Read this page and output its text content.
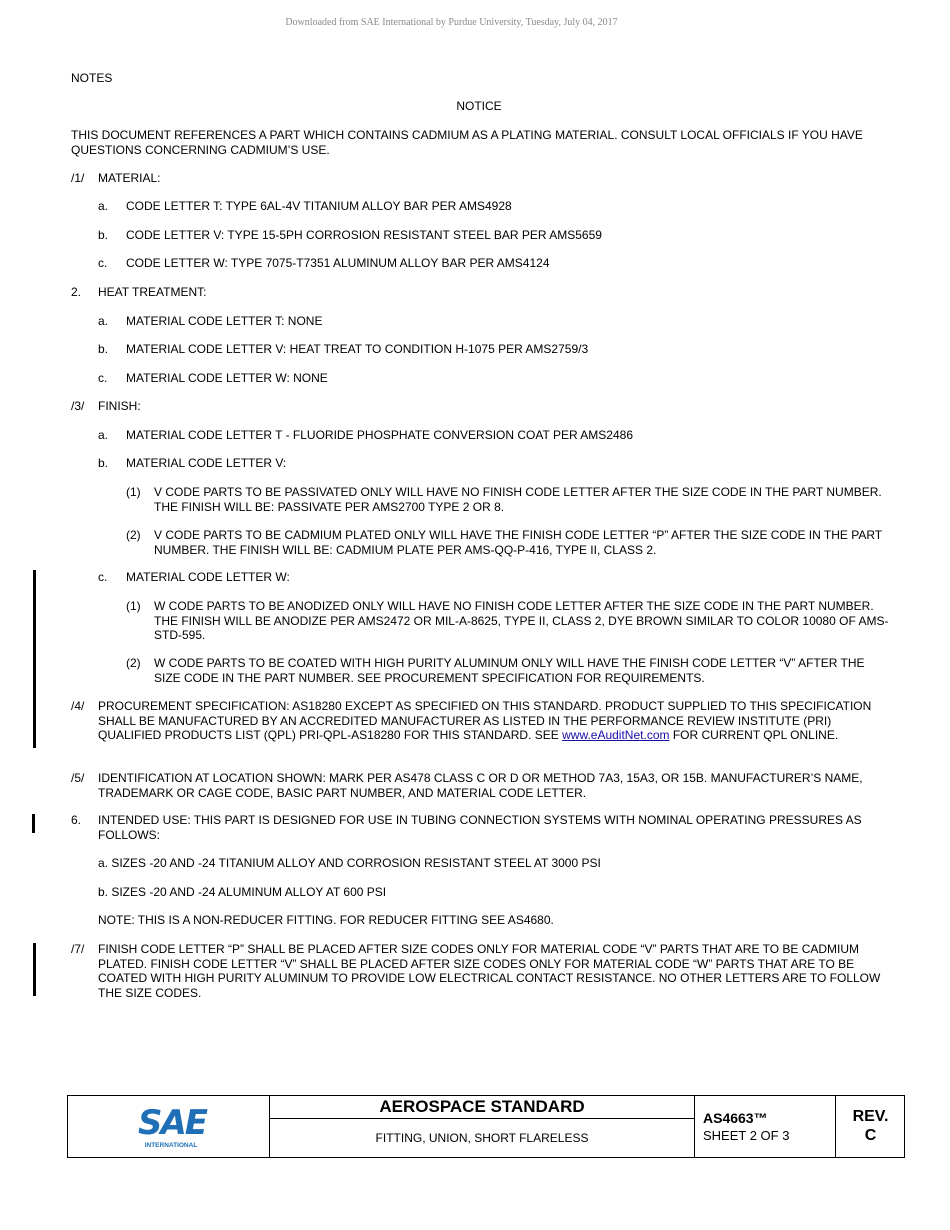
Downloaded from SAE International by Purdue University, Tuesday, July 04, 2017
NOTES
NOTICE
THIS DOCUMENT REFERENCES A PART WHICH CONTAINS CADMIUM AS A PLATING MATERIAL. CONSULT LOCAL OFFICIALS IF YOU HAVE QUESTIONS CONCERNING CADMIUM’S USE.
/1/ MATERIAL:
a. CODE LETTER T: TYPE 6AL-4V TITANIUM ALLOY BAR PER AMS4928
b. CODE LETTER V: TYPE 15-5PH CORROSION RESISTANT STEEL BAR PER AMS5659
c. CODE LETTER W: TYPE 7075-T7351 ALUMINUM ALLOY BAR PER AMS4124
2. HEAT TREATMENT:
a. MATERIAL CODE LETTER T: NONE
b. MATERIAL CODE LETTER V: HEAT TREAT TO CONDITION H-1075 PER AMS2759/3
c. MATERIAL CODE LETTER W: NONE
/3/ FINISH:
a. MATERIAL CODE LETTER T - FLUORIDE PHOSPHATE CONVERSION COAT PER AMS2486
b. MATERIAL CODE LETTER V:
(1) V CODE PARTS TO BE PASSIVATED ONLY WILL HAVE NO FINISH CODE LETTER AFTER THE SIZE CODE IN THE PART NUMBER. THE FINISH WILL BE: PASSIVATE PER AMS2700 TYPE 2 OR 8.
(2) V CODE PARTS TO BE CADMIUM PLATED ONLY WILL HAVE THE FINISH CODE LETTER “P” AFTER THE SIZE CODE IN THE PART NUMBER. THE FINISH WILL BE: CADMIUM PLATE PER AMS-QQ-P-416, TYPE II, CLASS 2.
c. MATERIAL CODE LETTER W:
(1) W CODE PARTS TO BE ANODIZED ONLY WILL HAVE NO FINISH CODE LETTER AFTER THE SIZE CODE IN THE PART NUMBER. THE FINISH WILL BE ANODIZE PER AMS2472 OR MIL-A-8625, TYPE II, CLASS 2, DYE BROWN SIMILAR TO COLOR 10080 OF AMS-STD-595.
(2) W CODE PARTS TO BE COATED WITH HIGH PURITY ALUMINUM ONLY WILL HAVE THE FINISH CODE LETTER “V” AFTER THE SIZE CODE IN THE PART NUMBER. SEE PROCUREMENT SPECIFICATION FOR REQUIREMENTS.
/4/ PROCUREMENT SPECIFICATION: AS18280 EXCEPT AS SPECIFIED ON THIS STANDARD. PRODUCT SUPPLIED TO THIS SPECIFICATION SHALL BE MANUFACTURED BY AN ACCREDITED MANUFACTURER AS LISTED IN THE PERFORMANCE REVIEW INSTITUTE (PRI) QUALIFIED PRODUCTS LIST (QPL) PRI-QPL-AS18280 FOR THIS STANDARD. SEE www.eAuditNet.com FOR CURRENT QPL ONLINE.
/5/ IDENTIFICATION AT LOCATION SHOWN: MARK PER AS478 CLASS C OR D OR METHOD 7A3, 15A3, OR 15B. MANUFACTURER’S NAME, TRADEMARK OR CAGE CODE, BASIC PART NUMBER, AND MATERIAL CODE LETTER.
6. INTENDED USE: THIS PART IS DESIGNED FOR USE IN TUBING CONNECTION SYSTEMS WITH NOMINAL OPERATING PRESSURES AS FOLLOWS:
a. SIZES -20 AND -24 TITANIUM ALLOY AND CORROSION RESISTANT STEEL AT 3000 PSI
b. SIZES -20 AND -24 ALUMINUM ALLOY AT 600 PSI
NOTE: THIS IS A NON-REDUCER FITTING. FOR REDUCER FITTING SEE AS4680.
/7/ FINISH CODE LETTER “P” SHALL BE PLACED AFTER SIZE CODES ONLY FOR MATERIAL CODE “V” PARTS THAT ARE TO BE CADMIUM PLATED. FINISH CODE LETTER “V” SHALL BE PLACED AFTER SIZE CODES ONLY FOR MATERIAL CODE “W” PARTS THAT ARE TO BE COATED WITH HIGH PURITY ALUMINUM TO PROVIDE LOW ELECTRICAL CONTACT RESISTANCE. NO OTHER LETTERS ARE TO FOLLOW THE SIZE CODES.
SAE
INTERNATIONAL
AEROSPACE STANDARD
FITTING, UNION, SHORT FLARELESS
AS4663™
SHEET 2 OF 3
REV.
C
